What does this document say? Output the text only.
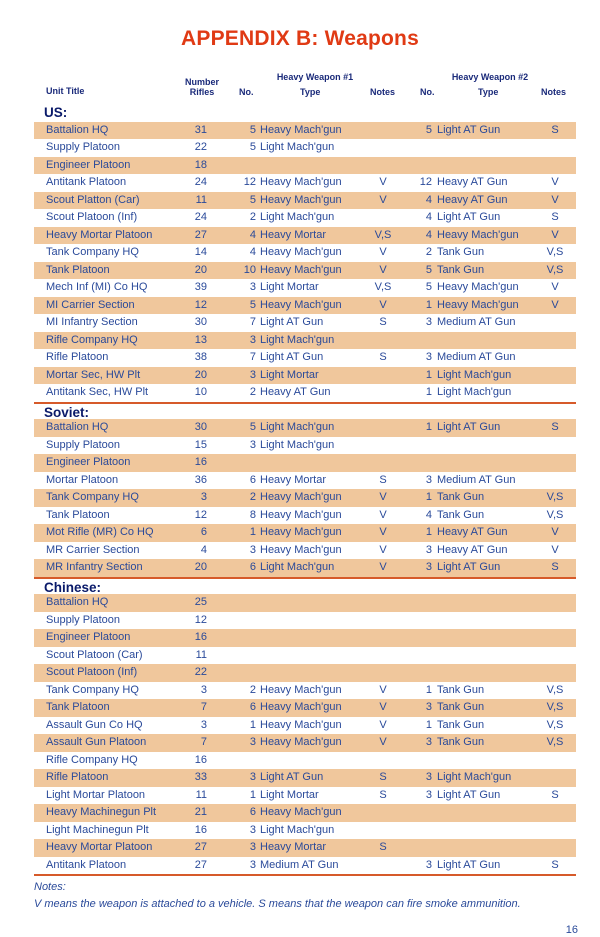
APPENDIX B: Weapons
Unit Title
Number Rifles
Heavy Weapon #1
No.	Type	Notes
Heavy Weapon #2
No.	Type	Notes
US:
Battalion HQ	31	5 Heavy Mach'gun	5 Light AT Gun	S
Supply Platoon	22	5 Light Mach'gun
Engineer Platoon	18
Antitank Platoon	24	12 Heavy Mach'gun	V	12 Heavy AT Gun	V
Scout Platton (Car)	11	5 Heavy Mach'gun	V	4 Heavy AT Gun	V
Scout Platoon (Inf)	24	2 Light Mach'gun	4 Light AT Gun	S
Heavy Mortar Platoon	27	4 Heavy Mortar	V,S	4 Heavy Mach'gun	V
Tank Company HQ	14	4 Heavy Mach'gun	V	2 Tank Gun	V,S
Tank Platoon	20	10 Heavy Mach'gun	V	5 Tank Gun	V,S
Mech Inf (MI) Co HQ	39	3 Light Mortar	V,S	5 Heavy Mach'gun	V
MI Carrier Section	12	5 Heavy Mach'gun	V	1 Heavy Mach'gun	V
MI Infantry Section	30	7 Light AT Gun	S	3 Medium AT Gun
Rifle Company HQ	13	3 Light Mach'gun
Rifle Platoon	38	7 Light AT Gun	S	3 Medium AT Gun
Mortar Sec, HW Plt	20	3 Light Mortar	1 Light Mach'gun
Antitank Sec, HW Plt	10	2 Heavy AT Gun	1 Light Mach'gun
Soviet:
Battalion HQ	30	5 Light Mach'gun	1 Light AT Gun	S
Supply Platoon	15	3 Light Mach'gun
Engineer Platoon	16
Mortar Platoon	36	6 Heavy Mortar	S	3 Medium AT Gun
Tank Company HQ	3	2 Heavy Mach'gun	V	1 Tank Gun	V,S
Tank Platoon	12	8 Heavy Mach'gun	V	4 Tank Gun	V,S
Mot Rifle (MR) Co HQ	6	1 Heavy Mach'gun	V	1 Heavy AT Gun	V
MR Carrier Section	4	3 Heavy Mach'gun	V	3 Heavy AT Gun	V
MR Infantry Section	20	6 Light Mach'gun	V	3 Light AT Gun	S
Chinese:
Battalion HQ	25
Supply Platoon	12
Engineer Platoon	16
Scout Platoon (Car)	11
Scout Platoon (Inf)	22
Tank Company HQ	3	2 Heavy Mach'gun	V	1 Tank Gun	V,S
Tank Platoon	7	6 Heavy Mach'gun	V	3 Tank Gun	V,S
Assault Gun Co HQ	3	1 Heavy Mach'gun	V	1 Tank Gun	V,S
Assault Gun Platoon	7	3 Heavy Mach'gun	V	3 Tank Gun	V,S
Rifle Company HQ	16
Rifle Platoon	33	3 Light AT Gun	S	3 Light Mach'gun
Light Mortar Platoon	11	1 Light Mortar	S	3 Light AT Gun	S
Heavy Machinegun Plt	21	6 Heavy Mach'gun
Light Machinegun Plt	16	3 Light Mach'gun
Heavy Mortar Platoon	27	3 Heavy Mortar	S
Antitank Platoon	27	3 Medium AT Gun	3 Light AT Gun	S
Notes:
V means the weapon is attached to a vehicle. S means that the weapon can fire smoke ammunition.
16
